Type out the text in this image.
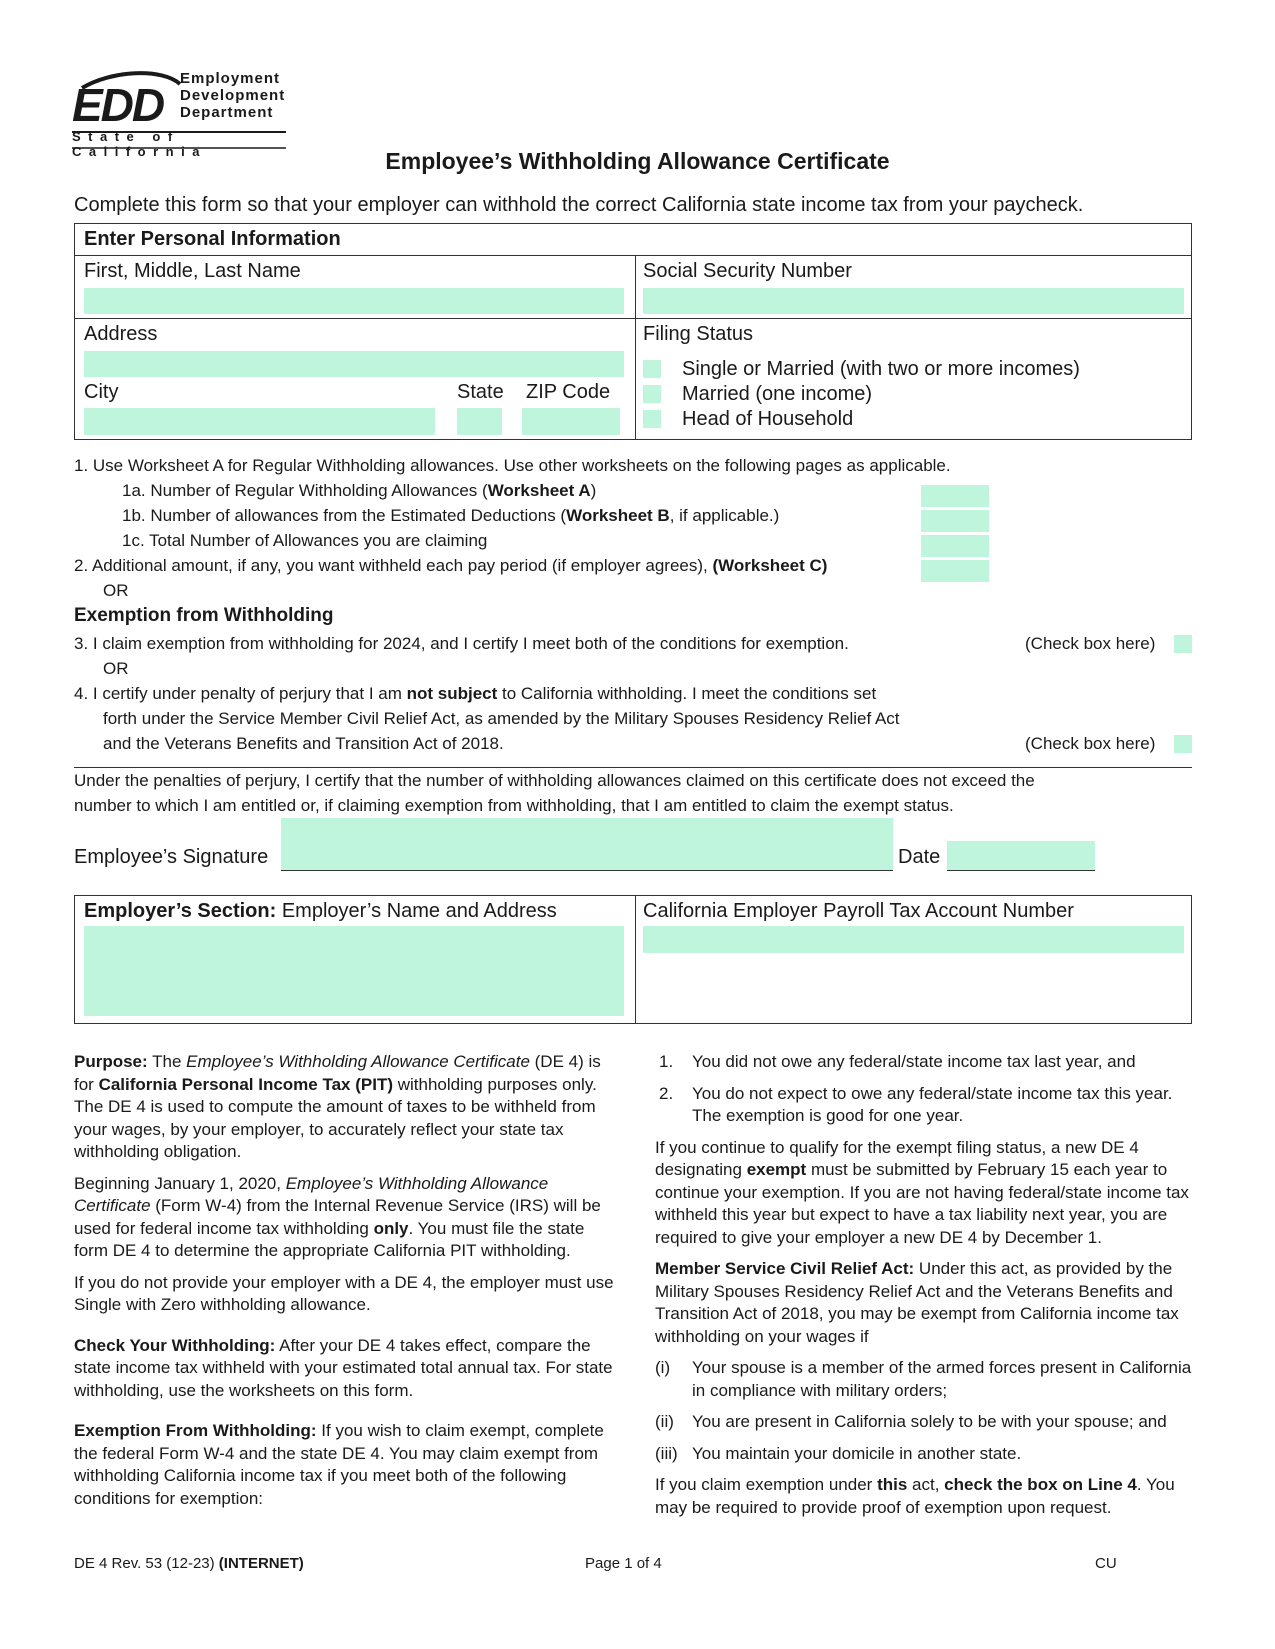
EDD
Employment
Development
Department
State of California	Employee’s Withholding Allowance Certificate
Complete this form so that your employer can withhold the correct California state income tax from your paycheck.
Enter Personal Information
First, Middle, Last Name	Social Security Number
Address
City	State ZIP Code
Filing Status
Single or Married (with two or more incomes)
Married (one income)
Head of Household
1. Use Worksheet A for Regular Withholding allowances. Use other worksheets on the following pages as applicable.
1a. Number of Regular Withholding Allowances (Worksheet A)
1b. Number of allowances from the Estimated Deductions (Worksheet B, if applicable.)
1c. Total Number of Allowances you are claiming
2. Additional amount, if any, you want withheld each pay period (if employer agrees), (Worksheet C)
OR
Exemption from Withholding
3. I claim exemption from withholding for 2024, and I certify I meet both of the conditions for exemption.	(Check box here)
OR
4. I certify under penalty of perjury that I am not subject to California withholding. I meet the conditions set
forth under the Service Member Civil Relief Act, as amended by the Military Spouses Residency Relief Act
and the Veterans Benefits and Transition Act of 2018.	(Check box here)
Under the penalties of perjury, I certify that the number of withholding allowances claimed on this certificate does not exceed the
number to which I am entitled or, if claiming exemption from withholding, that I am entitled to claim the exempt status.
Employee’s Signature	Date
Employer’s Section: Employer’s Name and Address	California Employer Payroll Tax Account Number

Purpose: The Employee’s Withholding Allowance Certificate (DE 4) is for California Personal Income Tax (PIT) withholding purposes only. The DE 4 is used to compute the amount of taxes to be withheld from your wages, by your employer, to accurately reflect your state tax withholding obligation.

Beginning January 1, 2020, Employee’s Withholding Allowance Certificate (Form W-4) from the Internal Revenue Service (IRS) will be used for federal income tax withholding only. You must file the state form DE 4 to determine the appropriate California PIT withholding.

If you do not provide your employer with a DE 4, the employer must use Single with Zero withholding allowance.

Check Your Withholding: After your DE 4 takes effect, compare the state income tax withheld with your estimated total annual tax. For state withholding, use the worksheets on this form.

Exemption From Withholding: If you wish to claim exempt, complete the federal Form W-4 and the state DE 4. You may claim exempt from withholding California income tax if you meet both of the following conditions for exemption:

1. You did not owe any federal/state income tax last year, and
2. You do not expect to owe any federal/state income tax this year. The exemption is good for one year.

If you continue to qualify for the exempt filing status, a new DE 4 designating exempt must be submitted by February 15 each year to continue your exemption. If you are not having federal/state income tax withheld this year but expect to have a tax liability next year, you are required to give your employer a new DE 4 by December 1.

Member Service Civil Relief Act: Under this act, as provided by the Military Spouses Residency Relief Act and the Veterans Benefits and Transition Act of 2018, you may be exempt from California income tax withholding on your wages if

(i) Your spouse is a member of the armed forces present in California in compliance with military orders;
(ii) You are present in California solely to be with your spouse; and
(iii) You maintain your domicile in another state.

If you claim exemption under this act, check the box on Line 4. You may be required to provide proof of exemption upon request.

DE 4 Rev. 53 (12-23) (INTERNET)	Page 1 of 4	CU
